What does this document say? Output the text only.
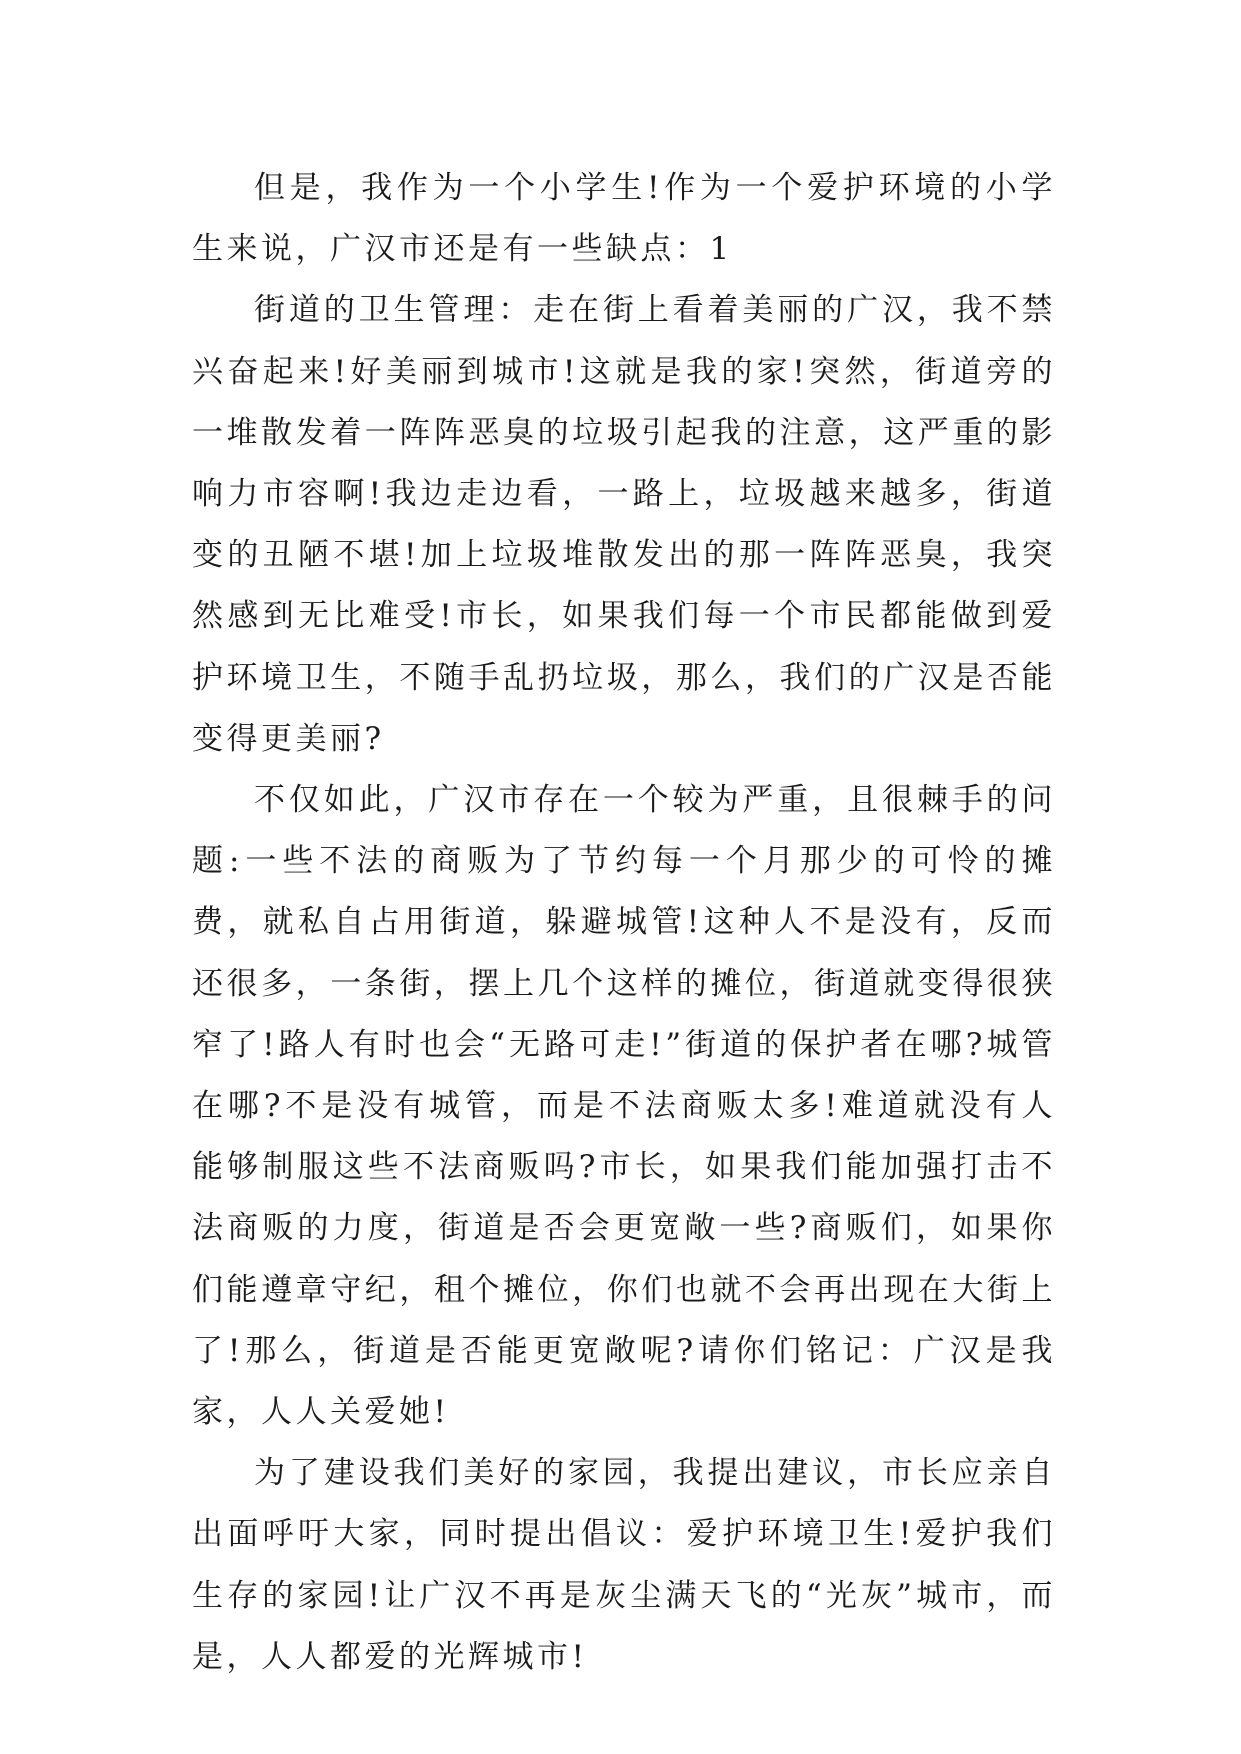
但是，我作为一个小学生!作为一个爱护环境的小学生来说，广汉市还是有一些缺点：1

街道的卫生管理：走在街上看着美丽的广汉，我不禁兴奋起来!好美丽到城市!这就是我的家!突然，街道旁的一堆散发着一阵阵恶臭的垃圾引起我的注意，这严重的影响力市容啊!我边走边看，一路上，垃圾越来越多，街道变的丑陋不堪!加上垃圾堆散发出的那一阵阵恶臭，我突然感到无比难受!市长，如果我们每一个市民都能做到爱护环境卫生，不随手乱扔垃圾，那么，我们的广汉是否能变得更美丽?

不仅如此，广汉市存在一个较为严重，且很棘手的问题:一些不法的商贩为了节约每一个月那少的可怜的摊费，就私自占用街道，躲避城管!这种人不是没有，反而还很多，一条街，摆上几个这样的摊位，街道就变得很狭窄了!路人有时也会“无路可走!”街道的保护者在哪?城管在哪?不是没有城管，而是不法商贩太多!难道就没有人能够制服这些不法商贩吗?市长，如果我们能加强打击不法商贩的力度，街道是否会更宽敞一些?商贩们，如果你们能遵章守纪，租个摊位，你们也就不会再出现在大街上了!那么，街道是否能更宽敞呢?请你们铭记：广汉是我家，人人关爱她!

为了建设我们美好的家园，我提出建议，市长应亲自出面呼吁大家，同时提出倡议：爱护环境卫生!爱护我们生存的家园!让广汉不再是灰尘满天飞的“光灰”城市，而是，人人都爱的光辉城市!
